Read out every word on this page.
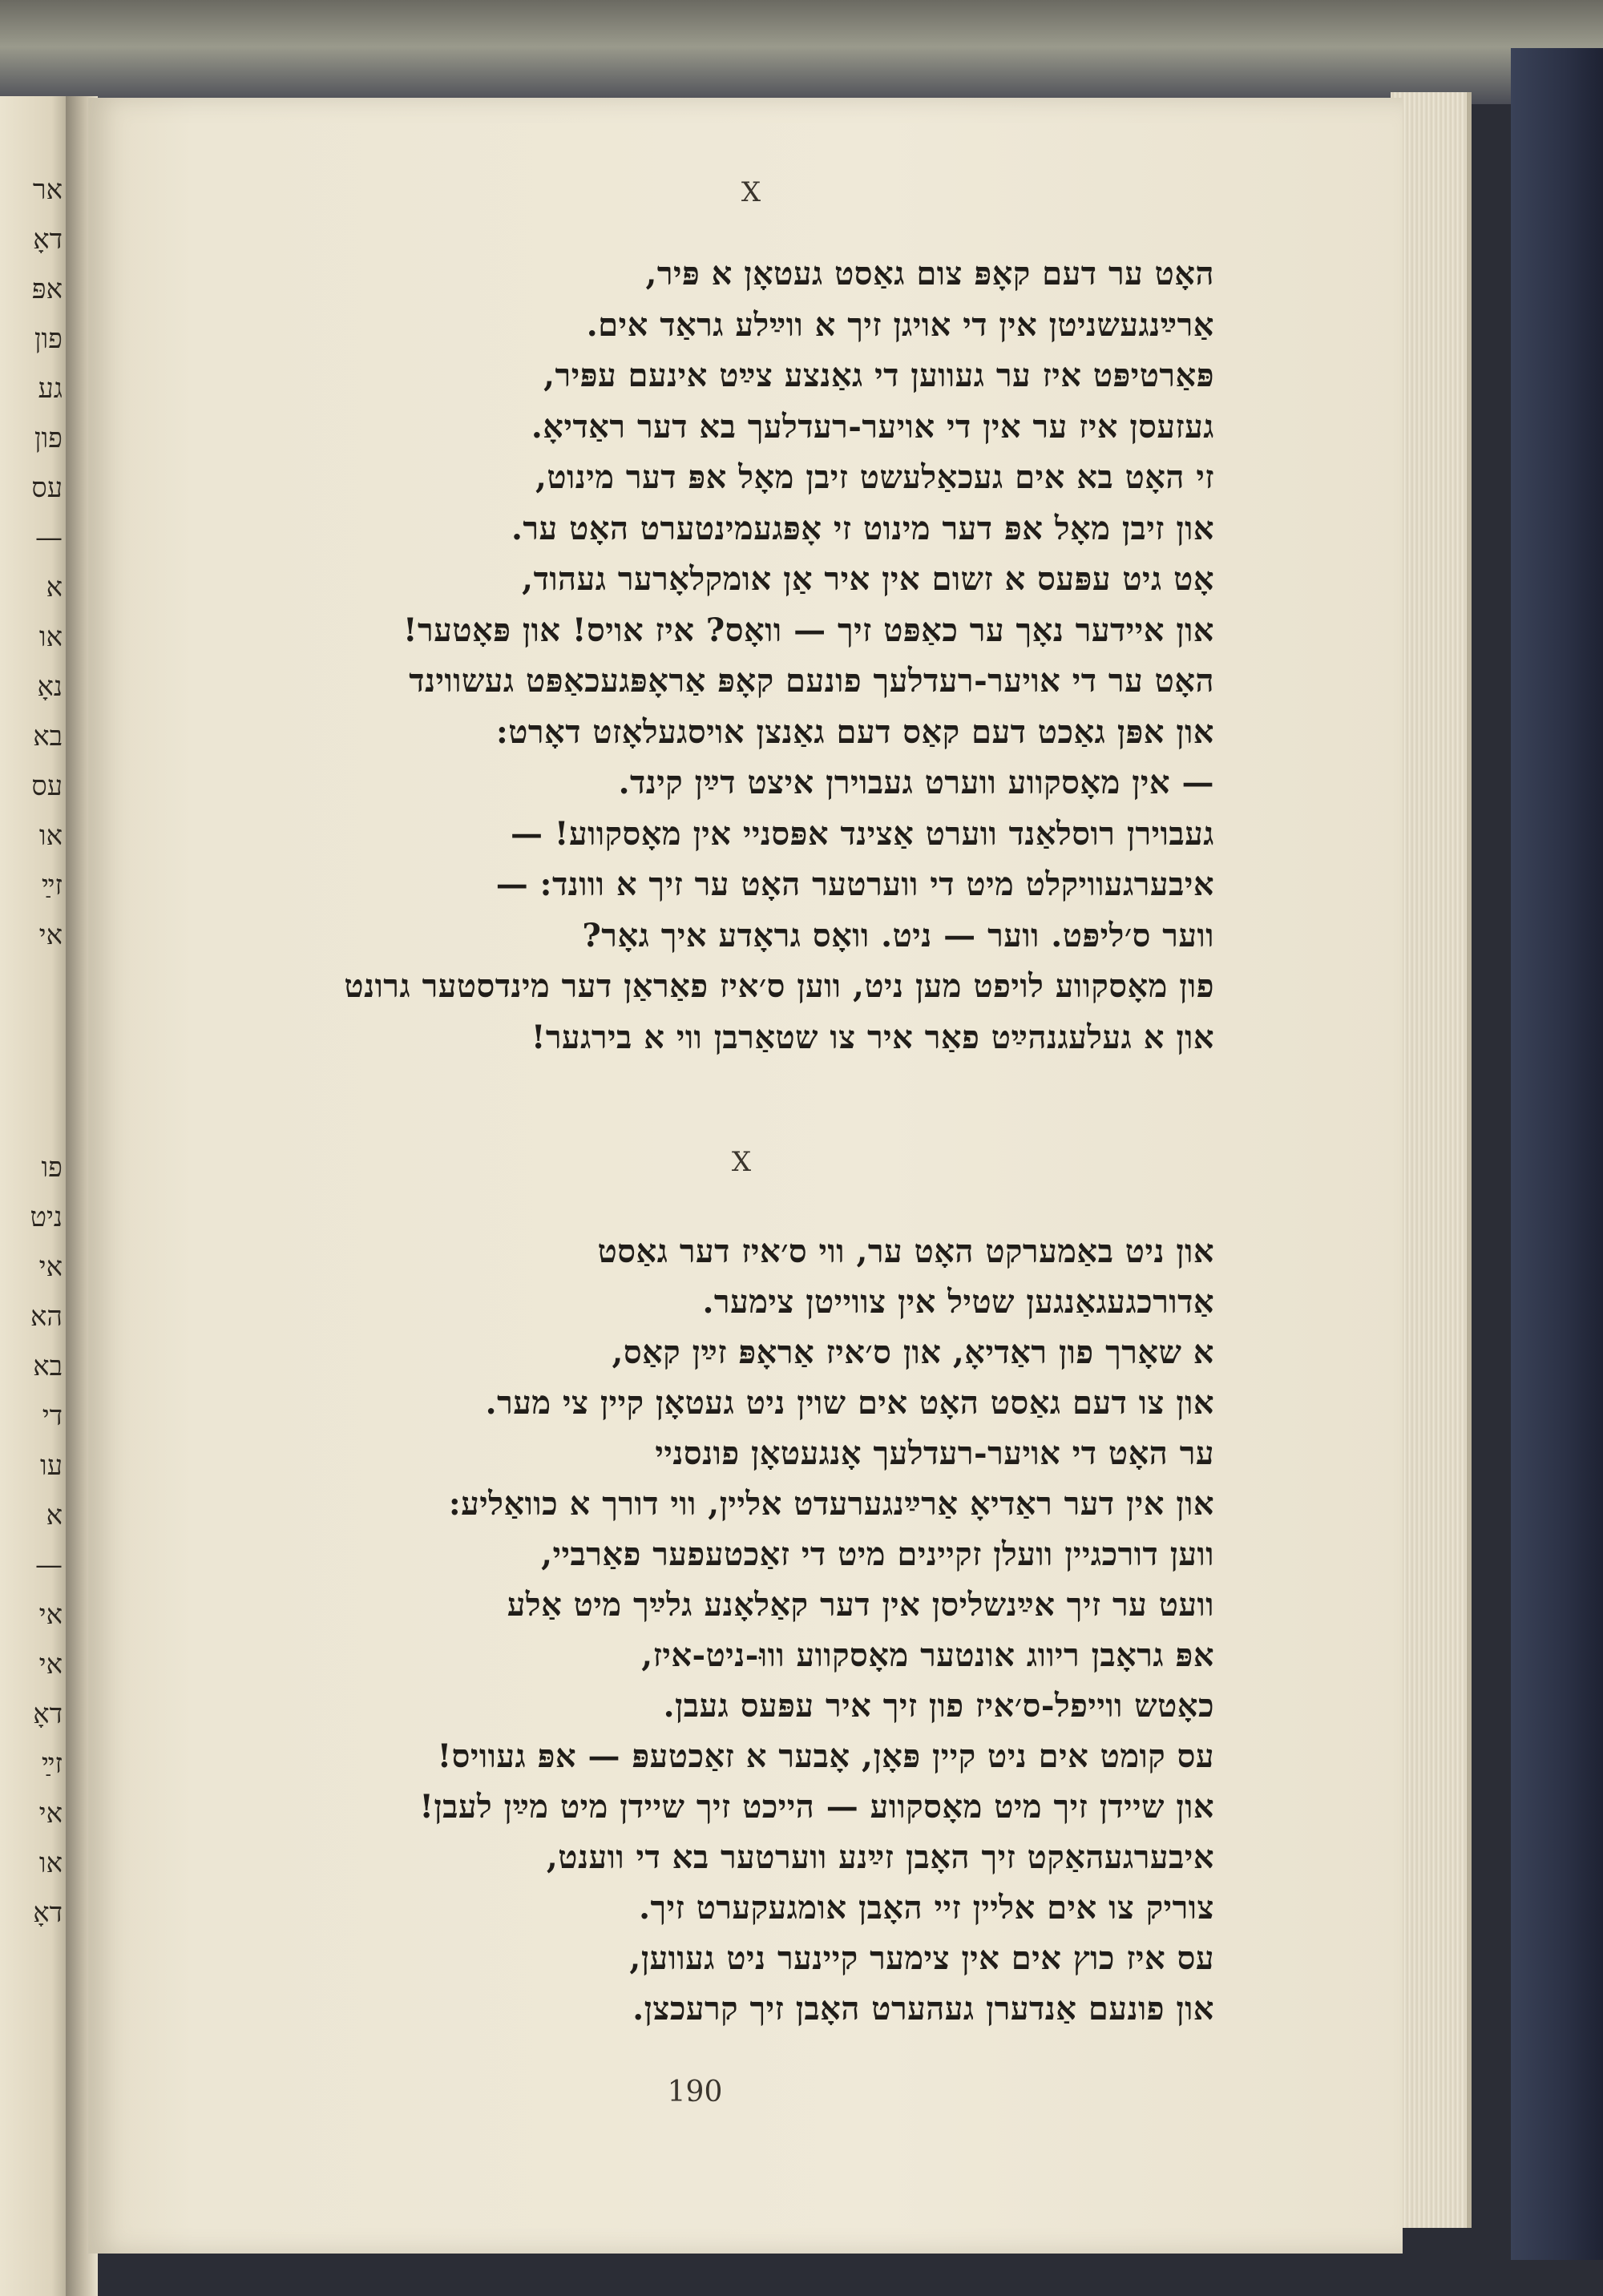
אר
דאָ
אפּ
פון
גע
פון
עס
—
א
או
נאָ
בא
עס
או
זײַ
אי
פו
ניט
אי
הא
בא
די
עו
א
—
אי
אי
דאָ
זײַ
אי
או
דאָ
X
האָט ער דעם קאָפּ צום גאַסט געטאָן א פּיר,
אַרײַנגעשניטן אין די אויגן זיך א ווײַלע גראַד אים.
פּאַרטיפּט איז ער געווען די גאַנצע צײַט אינעם עפּיר,
געזעסן איז ער אין די אויער-רעדלעך בא דער ראַדיאָ.
זי האָט בא אים געכאַלעשט זיבן מאָל אפּ דער מינוט,
און זיבן מאָל אפּ דער מינוט זי אָפּגעמינטערט האָט ער.
אָט גיט עפּעס א זשום אין איר אַן אומקלאָרער געהוד,
און איידער נאָך ער כאַפּט זיך — וואָס? איז אויס! און פּאָטער!
האָט ער די אויער-רעדלעך פונעם קאָפּ אַראָפּגעכאַפּט געשווינד
און אפּן גאַכט דעם קאַס דעם גאַנצן אויסגעלאָזט דאָרט:
— אין מאָסקווע ווערט געבוירן איצט דײַן קינד.
געבוירן רוסלאַנד ווערט אַצינד אפּסניי אין מאָסקווע! —
איבערגעוויקלט מיט די ווערטער האָט ער זיך א ווונד: —
ווער ס׳ליפּט. ווער — ניט. וואָס גראָדע איך גאָר?
פון מאָסקווע לויפט מען ניט, ווען ס׳איז פאַראַן דער מינדסטער גרונט
און א געלעגנהײַט פאַר איר צו שטאַרבן ווי א בירגער!
X
און ניט באַמערקט האָט ער, ווי ס׳איז דער גאַסט
אַדורכגעגאַנגען שטיל אין צווייטן צימער.
א שאָרך פון ראַדיאָ, און ס׳איז אַראָפּ זײַן קאַס,
און צו דעם גאַסט האָט אים שוין ניט געטאָן קיין צי מער.
ער האָט די אויער-רעדלעך אָנגעטאָן פונסניי
און אין דער ראַדיאָ אַרײַנגערעדט אליין, ווי דורך א כוואַליע:
ווען דורכגיין וועלן זקיינים מיט די זאַכטעפער פאַרביי,
וועט ער זיך אײַנשליסן אין דער קאַלאָנע גלײַך מיט אַלע
אפּ גראָבן ריווג אונטער מאָסקווע וווּ-ניט-איז,
כאָטש ווייפל-ס׳איז פון זיך איר עפּעס געבן.
עס קומט אים ניט קיין פּאָן, אָבער א זאַכטעפּ — אפּ געוויס!
און שיידן זיך מיט מאָסקווע — הייכט זיך שיידן מיט מײַן לעבן!
איבערגעהאַקט זיך האָבן זײַנע ווערטער בא די ווענט,
צוריק צו אים אליין זיי האָבן אומגעקערט זיך.
עס איז כוץ אים אין צימער קיינער ניט געווען,
און פונעם אַנדערן געהערט האָבן זיך קרעכצן.
190
